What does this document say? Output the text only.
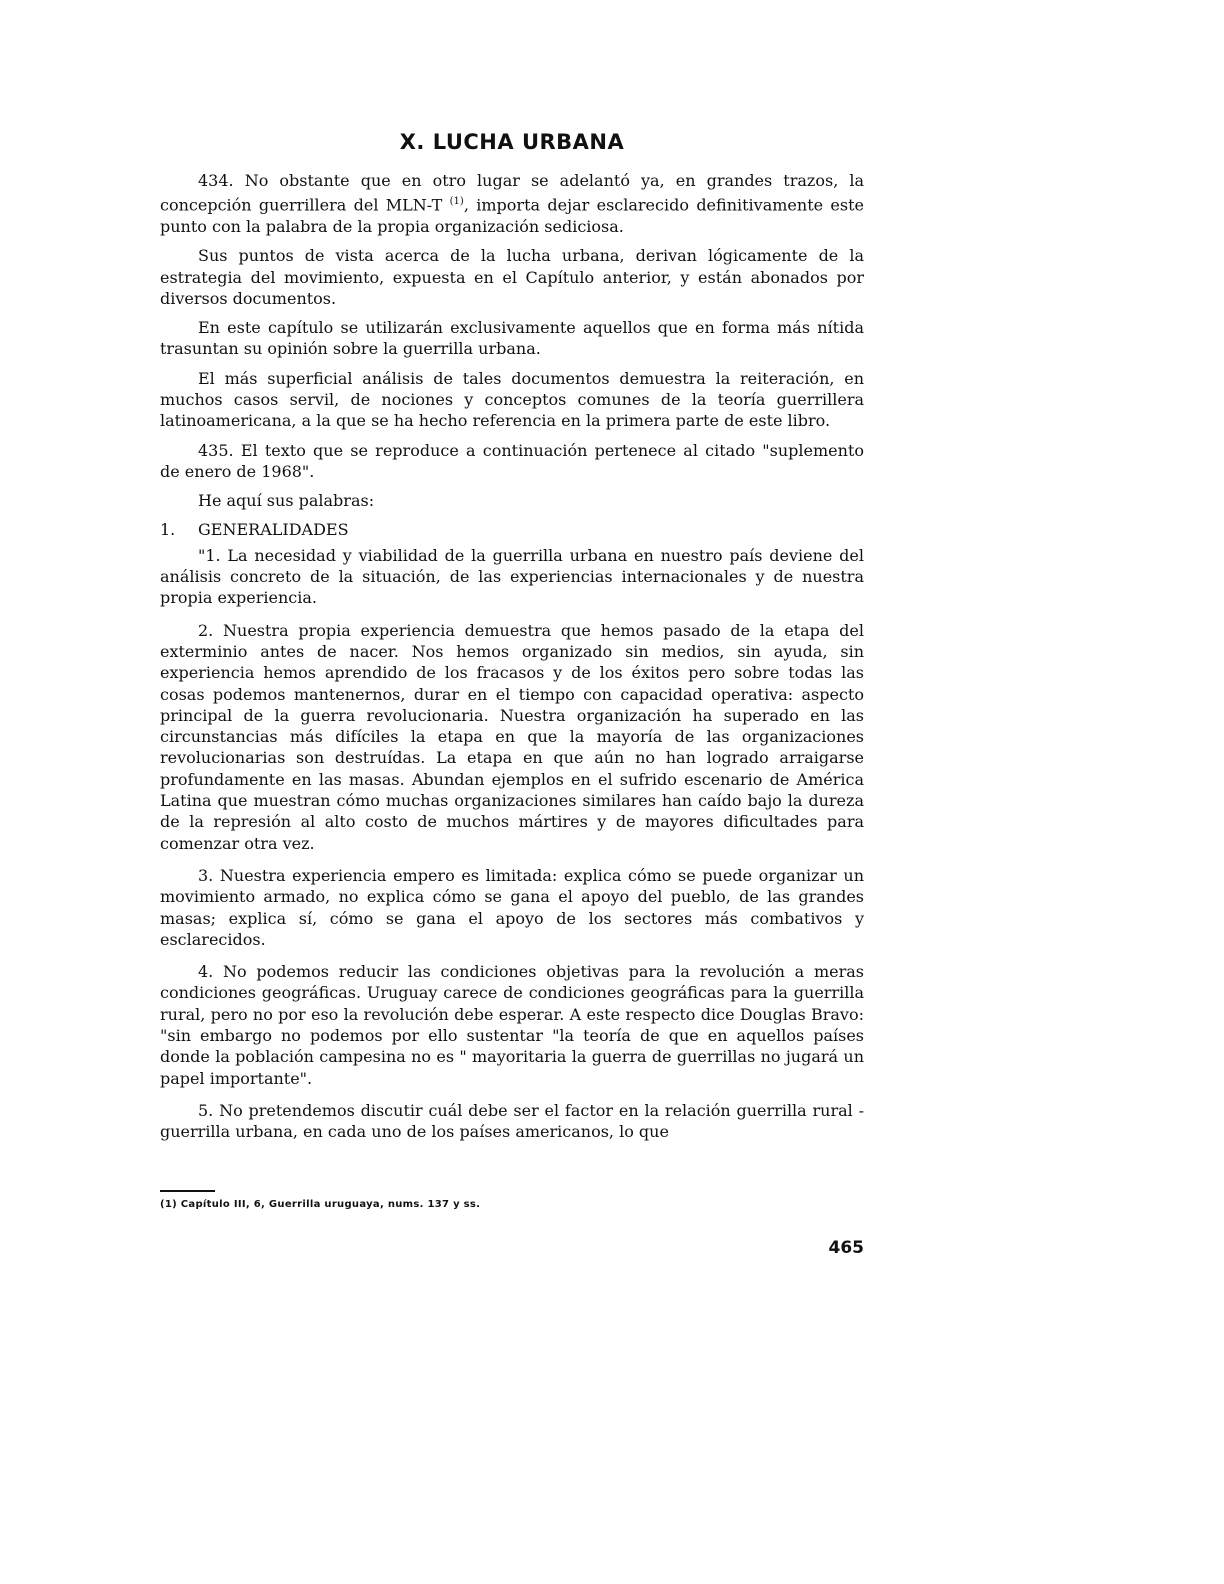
X. LUCHA URBANA

434. No obstante que en otro lugar se adelantó ya, en grandes trazos, la concepción guerrillera del MLN-T $^{(1)}$, importa dejar esclarecido definitivamente este punto con la palabra de la propia organización sediciosa.

Sus puntos de vista acerca de la lucha urbana, derivan lógicamente de la estrategia del movimiento, expuesta en el Capítulo anterior, y están abonados por diversos documentos.

En este capítulo se utilizarán exclusivamente aquellos que en forma más nítida trasuntan su opinión sobre la guerrilla urbana.

El más superficial análisis de tales documentos demuestra la reiteración, en muchos casos servil, de nociones y conceptos comunes de la teoría guerrillera latinoamericana, a la que se ha hecho referencia en la primera parte de este libro.

435. El texto que se reproduce a continuación pertenece al citado "suplemento de enero de 1968".

He aquí sus palabras:

1. GENERALIDADES

"1. La necesidad y viabilidad de la guerrilla urbana en nuestro país deviene del análisis concreto de la situación, de las experiencias internacionales y de nuestra propia experiencia.

2. Nuestra propia experiencia demuestra que hemos pasado de la etapa del exterminio antes de nacer. Nos hemos organizado sin medios, sin ayuda, sin experiencia hemos aprendido de los fracasos y de los éxitos pero sobre todas las cosas podemos mantenernos, durar en el tiempo con capacidad operativa: aspecto principal de la guerra revolucionaria. Nuestra organización ha superado en las circunstancias más difíciles la etapa en que la mayoría de las organizaciones revolucionarias son destruídas. La etapa en que aún no han logrado arraigarse profundamente en las masas. Abundan ejemplos en el sufrido escenario de América Latina que muestran cómo muchas organizaciones similares han caído bajo la dureza de la represión al alto costo de muchos mártires y de mayores dificultades para comenzar otra vez.

3. Nuestra experiencia empero es limitada: explica cómo se puede organizar un movimiento armado, no explica cómo se gana el apoyo del pueblo, de las grandes masas; explica sí, cómo se gana el apoyo de los sectores más combativos y esclarecidos.

4. No podemos reducir las condiciones objetivas para la revolución a meras condiciones geográficas. Uruguay carece de condiciones geográficas para la guerrilla rural, pero no por eso la revolución debe esperar. A este respecto dice Douglas Bravo: "sin embargo no podemos por ello sustentar "la teoría de que en aquellos países donde la población campesina no es " mayoritaria la guerra de guerrillas no jugará un papel importante".

5. No pretendemos discutir cuál debe ser el factor en la relación guerrilla rural - guerrilla urbana, en cada uno de los países americanos, lo que

(1) Capítulo III, 6, Guerrilla uruguaya, nums. 137 y ss.
465
